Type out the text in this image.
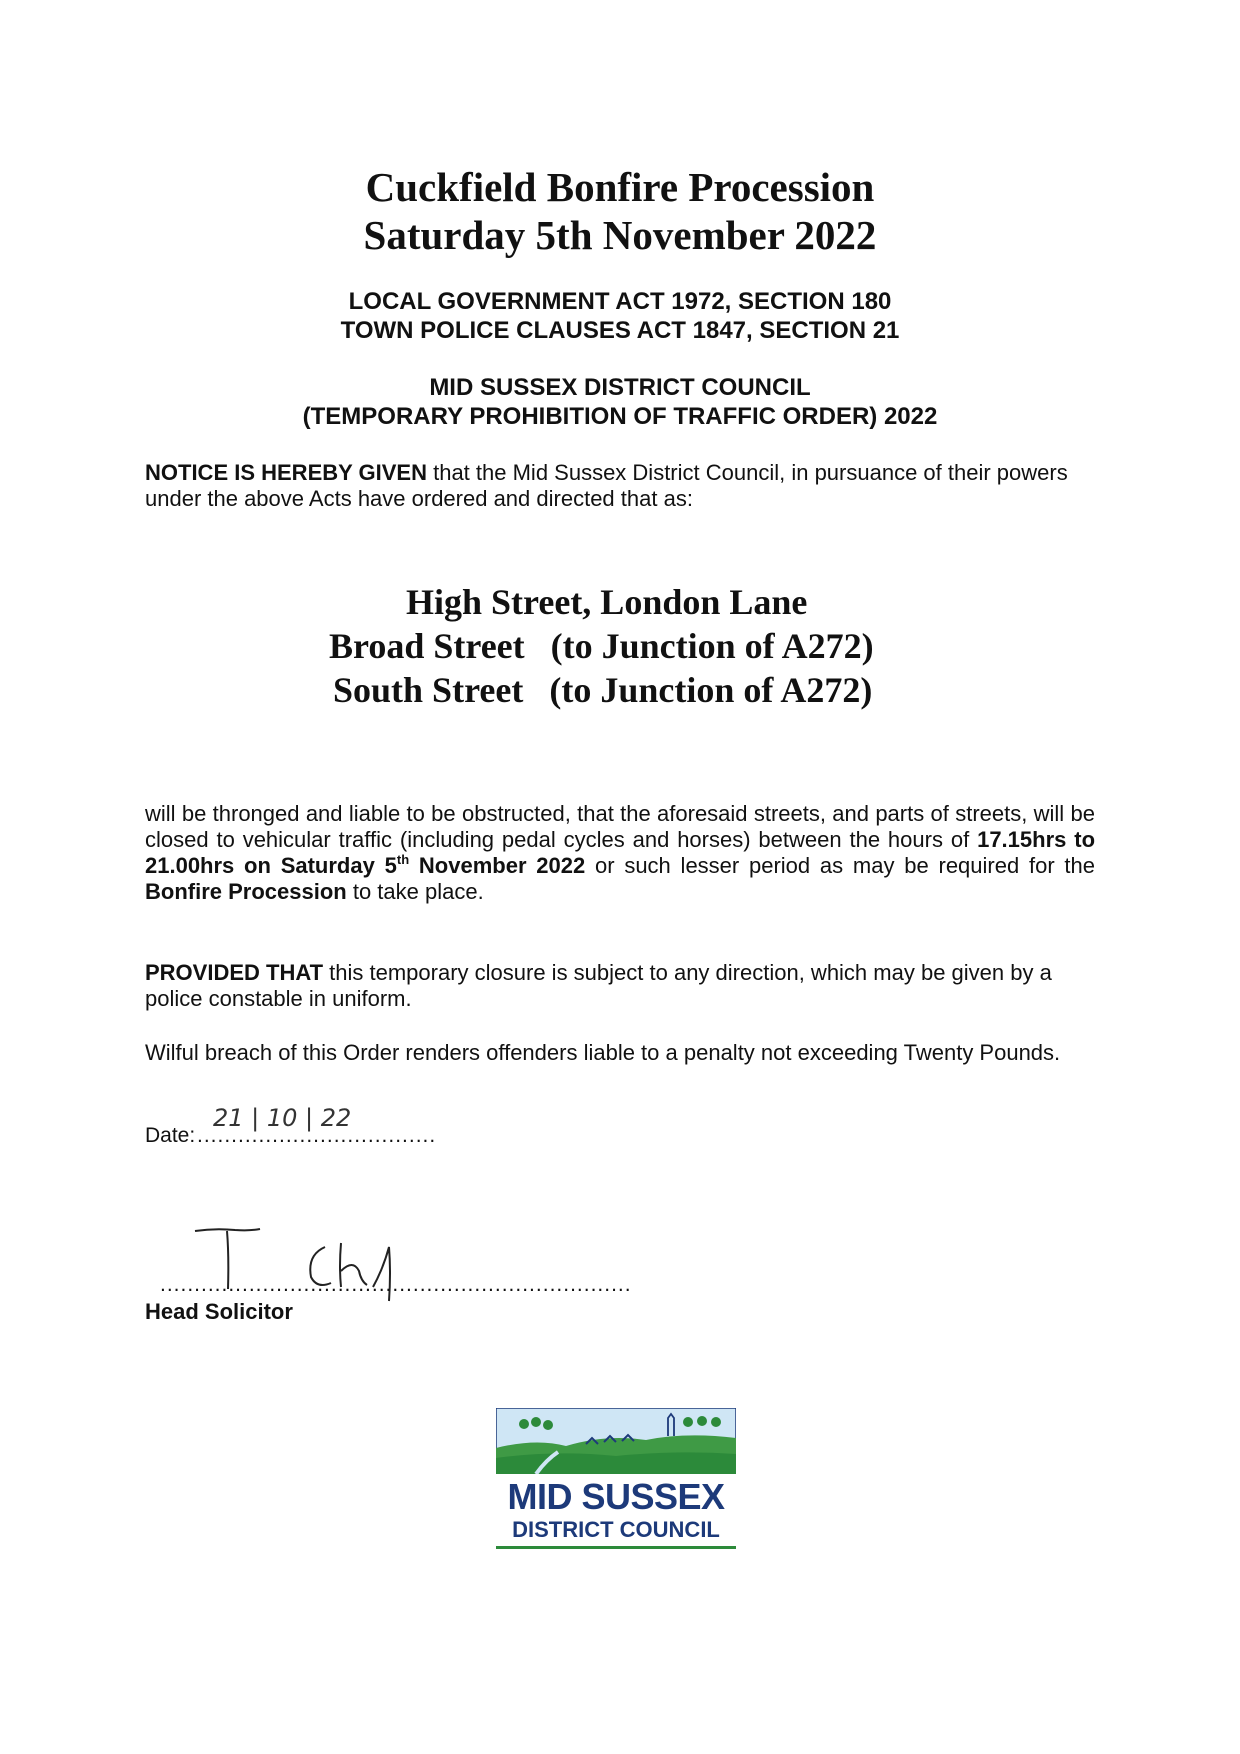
Cuckfield Bonfire Procession
Saturday 5th November 2022
LOCAL GOVERNMENT ACT 1972, SECTION 180
TOWN POLICE CLAUSES ACT 1847, SECTION 21
MID SUSSEX DISTRICT COUNCIL
(TEMPORARY PROHIBITION OF TRAFFIC ORDER) 2022
NOTICE IS HEREBY GIVEN that the Mid Sussex District Council, in pursuance of their powers under the above Acts have ordered and directed that as:
High Street, London Lane
Broad Street (to Junction of A272)
South Street (to Junction of A272)
will be thronged and liable to be obstructed, that the aforesaid streets, and parts of streets, will be closed to vehicular traffic (including pedal cycles and horses) between the hours of 17.15hrs to 21.00hrs on Saturday 5th November 2022 or such lesser period as may be required for the Bonfire Procession to take place.
PROVIDED THAT this temporary closure is subject to any direction, which may be given by a police constable in uniform.
Wilful breach of this Order renders offenders liable to a penalty not exceeding Twenty Pounds.
21 | 10 | 22
Date: ...................................
.....................................................................
Head Solicitor
MID SUSSEX
DISTRICT COUNCIL
